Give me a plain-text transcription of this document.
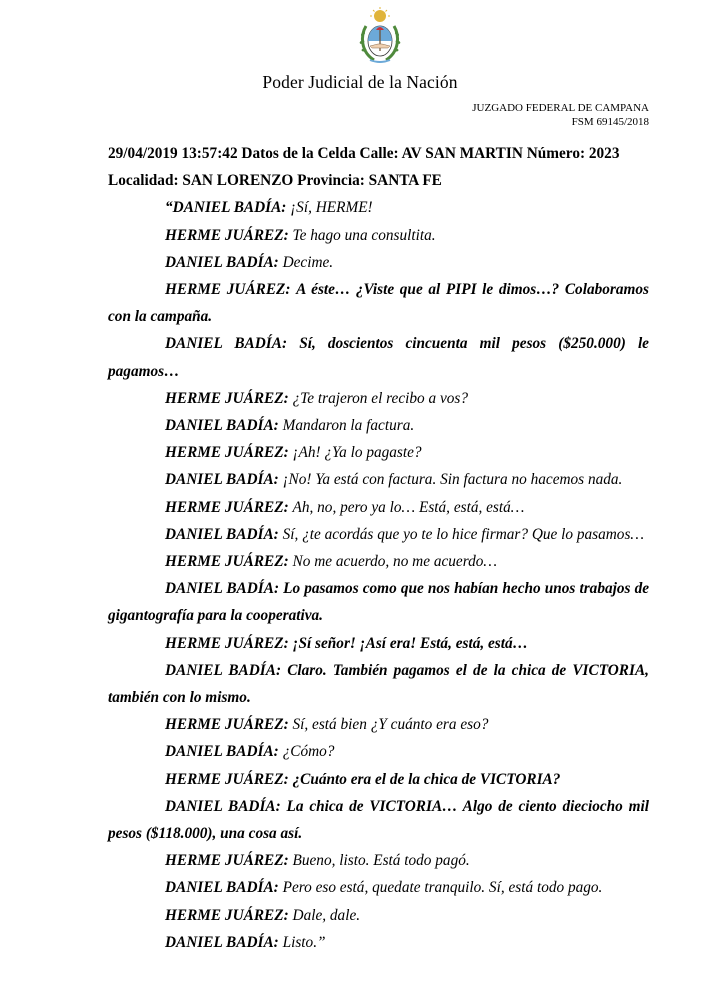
Poder Judicial de la Nación
JUZGADO FEDERAL DE CAMPANA
FSM 69145/2018

29/04/2019 13:57:42 Datos de la Celda Calle: AV SAN MARTIN Número: 2023

Localidad: SAN LORENZO Provincia: SANTA FE

“DANIEL BADÍA: ¡Sí, HERME!

HERME JUÁREZ: Te hago una consultita.

DANIEL BADÍA: Decime.

HERME JUÁREZ: A éste… ¿Viste que al PIPI le dimos…? Colaboramos con la campaña.

DANIEL BADÍA: Sí, doscientos cincuenta mil pesos ($250.000) le pagamos…

HERME JUÁREZ: ¿Te trajeron el recibo a vos?

DANIEL BADÍA: Mandaron la factura.

HERME JUÁREZ: ¡Ah! ¿Ya lo pagaste?

DANIEL BADÍA: ¡No! Ya está con factura. Sin factura no hacemos nada.

HERME JUÁREZ: Ah, no, pero ya lo… Está, está, está…

DANIEL BADÍA: Sí, ¿te acordás que yo te lo hice firmar? Que lo pasamos…

HERME JUÁREZ: No me acuerdo, no me acuerdo…

DANIEL BADÍA: Lo pasamos como que nos habían hecho unos trabajos de gigantografía para la cooperativa.

HERME JUÁREZ: ¡Sí señor! ¡Así era! Está, está, está…

DANIEL BADÍA: Claro. También pagamos el de la chica de VICTORIA, también con lo mismo.

HERME JUÁREZ: Sí, está bien ¿Y cuánto era eso?

DANIEL BADÍA: ¿Cómo?

HERME JUÁREZ: ¿Cuánto era el de la chica de VICTORIA?

DANIEL BADÍA: La chica de VICTORIA… Algo de ciento dieciocho mil pesos ($118.000), una cosa así.

HERME JUÁREZ: Bueno, listo. Está todo pagó.

DANIEL BADÍA: Pero eso está, quedate tranquilo. Sí, está todo pago.

HERME JUÁREZ: Dale, dale.

DANIEL BADÍA: Listo.”
